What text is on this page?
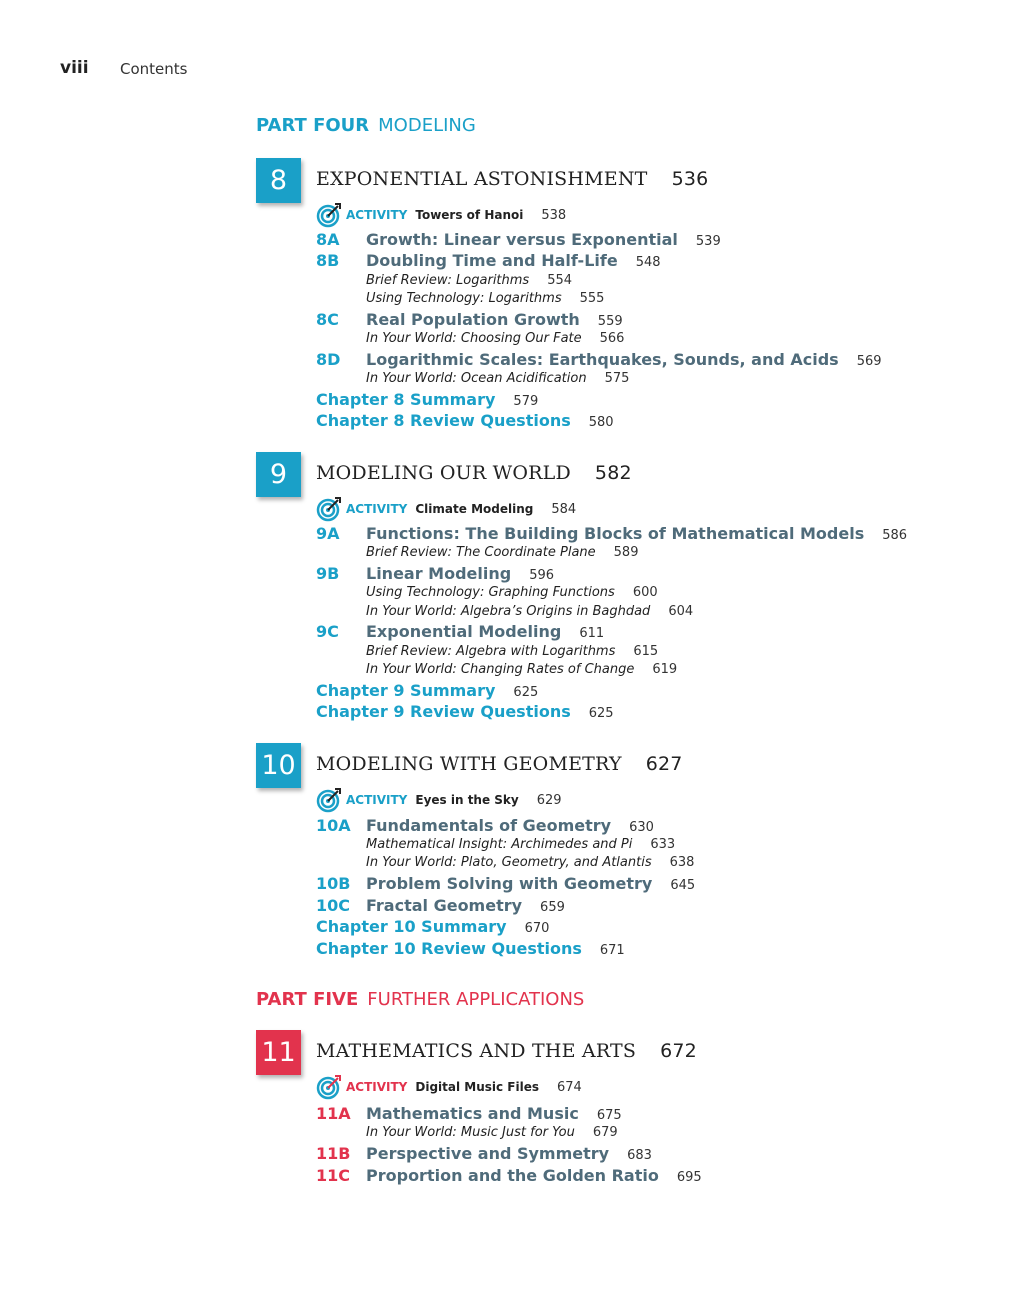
viii Contents
PART FOUR MODELING
8	EXPONENTIAL ASTONISHMENT 536
ACTIVITY Towers of Hanoi 538
8A Growth: Linear versus Exponential 539
8B Doubling Time and Half-Life 548
Brief Review: Logarithms 554
Using Technology: Logarithms 555
8C Real Population Growth 559
In Your World: Choosing Our Fate 566
8D Logarithmic Scales: Earthquakes, Sounds, and Acids 569
In Your World: Ocean Acidification 575
Chapter 8 Summary 579
Chapter 8 Review Questions 580
9	MODELING OUR WORLD 582
ACTIVITY Climate Modeling 584
9A Functions: The Building Blocks of Mathematical Models 586
Brief Review: The Coordinate Plane 589
9B Linear Modeling 596
Using Technology: Graphing Functions 600
In Your World: Algebra’s Origins in Baghdad 604
9C Exponential Modeling 611
Brief Review: Algebra with Logarithms 615
In Your World: Changing Rates of Change 619
Chapter 9 Summary 625
Chapter 9 Review Questions 625
10 MODELING WITH GEOMETRY 627
ACTIVITY Eyes in the Sky 629
10A Fundamentals of Geometry 630
Mathematical Insight: Archimedes and Pi 633
In Your World: Plato, Geometry, and Atlantis 638
10B Problem Solving with Geometry 645
10C Fractal Geometry 659
Chapter 10 Summary 670
Chapter 10 Review Questions 671
PART FIVE FURTHER APPLICATIONS
11 MATHEMATICS AND THE ARTS 672
ACTIVITY Digital Music Files 674
11A Mathematics and Music 675
In Your World: Music Just for You 679
11B Perspective and Symmetry 683
11C Proportion and the Golden Ratio 695
